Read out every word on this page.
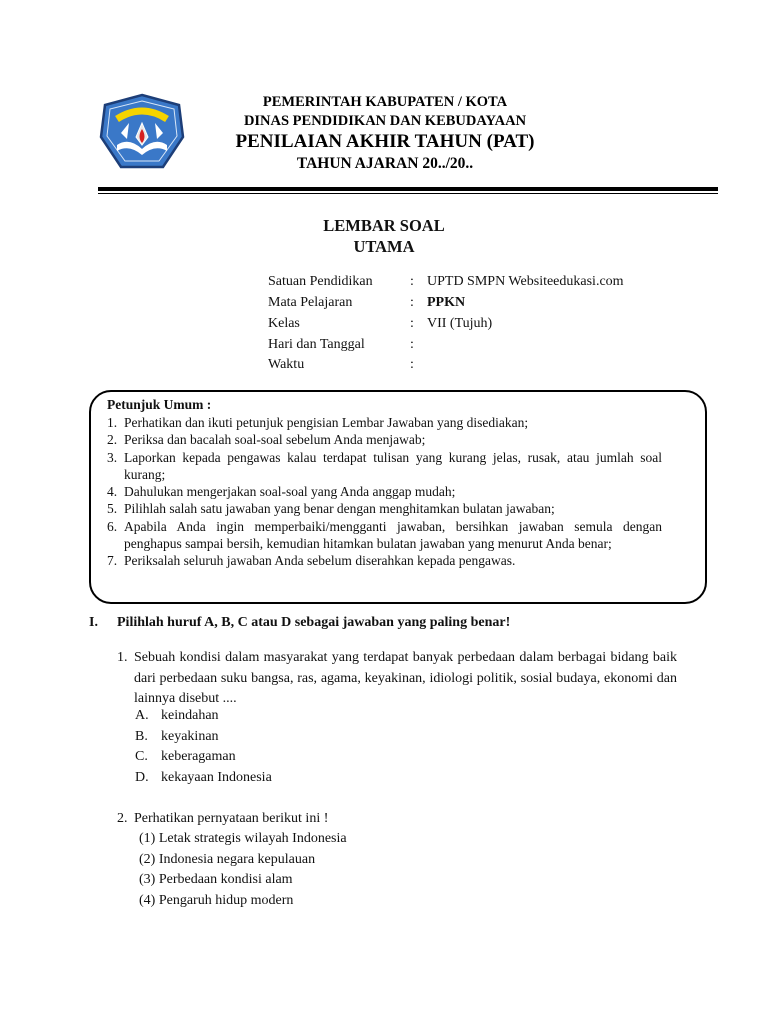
PEMERINTAH KABUPATEN / KOTA
DINAS PENDIDIKAN DAN KEBUDAYAAN
PENILAIAN AKHIR TAHUN (PAT)
TAHUN AJARAN 20../20..
LEMBAR SOAL
UTAMA
Satuan Pendidikan	: UPTD SMPN Websiteedukasi.com
Mata Pelajaran	: PPKN
Kelas	: VII (Tujuh)
Hari dan Tanggal	:
Waktu	:
Petunjuk Umum :
1. Perhatikan dan ikuti petunjuk pengisian Lembar Jawaban yang disediakan;
2. Periksa dan bacalah soal-soal sebelum Anda menjawab;
3. Laporkan kepada pengawas kalau terdapat tulisan yang kurang jelas, rusak, atau jumlah soal kurang;
4. Dahulukan mengerjakan soal-soal yang Anda anggap mudah;
5. Pilihlah salah satu jawaban yang benar dengan menghitamkan bulatan jawaban;
6. Apabila Anda ingin memperbaiki/mengganti jawaban, bersihkan jawaban semula dengan penghapus sampai bersih, kemudian hitamkan bulatan jawaban yang menurut Anda benar;
7. Periksalah seluruh jawaban Anda sebelum diserahkan kepada pengawas.
I. Pilihlah huruf A, B, C atau D sebagai jawaban yang paling benar!
1. Sebuah kondisi dalam masyarakat yang terdapat banyak perbedaan dalam berbagai bidang baik dari perbedaan suku bangsa, ras, agama, keyakinan, idiologi politik, sosial budaya, ekonomi dan lainnya disebut ....
A. keindahan
B. keyakinan
C. keberagaman
D. kekayaan Indonesia
2. Perhatikan pernyataan berikut ini !
(1) Letak strategis wilayah Indonesia
(2) Indonesia negara kepulauan
(3) Perbedaan kondisi alam
(4) Pengaruh hidup modern
